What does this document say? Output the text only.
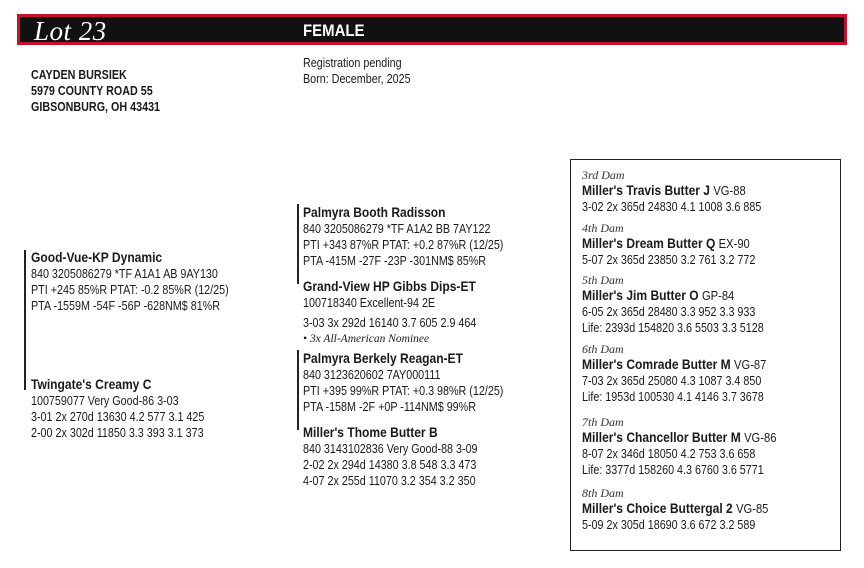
Lot 23	FEMALE
CAYDEN BURSIEK
5979 COUNTY ROAD 55
GIBSONBURG, OH 43431
Registration pending
Born: December, 2025
Good-Vue-KP Dynamic
840 3205086279 *TF A1A1 AB 9AY130
PTI +245 85%R PTAT: -0.2 85%R (12/25)
PTA -1559M -54F -56P -628NM$ 81%R
Twingate's Creamy C
100759077 Very Good-86 3-03
3-01 2x 270d 13630 4.2 577 3.1 425
2-00 2x 302d 11850 3.3 393 3.1 373
Palmyra Booth Radisson
840 3205086279 *TF A1A2 BB 7AY122
PTI +343 87%R PTAT: +0.2 87%R (12/25)
PTA -415M -27F -23P -301NM$ 85%R
Grand-View HP Gibbs Dips-ET
100718340 Excellent-94 2E
3-03 3x 292d 16140 3.7 605 2.9 464
• 3x All-American Nominee
Palmyra Berkely Reagan-ET
840 3123620602 7AY000111
PTI +395 99%R PTAT: +0.3 98%R (12/25)
PTA -158M -2F +0P -114NM$ 99%R
Miller's Thome Butter B
840 3143102836 Very Good-88 3-09
2-02 2x 294d 14380 3.8 548 3.3 473
4-07 2x 255d 11070 3.2 354 3.2 350
3rd Dam
Miller's Travis Butter J VG-88
3-02 2x 365d 24830 4.1 1008 3.6 885
4th Dam
Miller's Dream Butter Q EX-90
5-07 2x 365d 23850 3.2 761 3.2 772
5th Dam
Miller's Jim Butter O GP-84
6-05 2x 365d 28480 3.3 952 3.3 933
Life: 2393d 154820 3.6 5503 3.3 5128
6th Dam
Miller's Comrade Butter M VG-87
7-03 2x 365d 25080 4.3 1087 3.4 850
Life: 1953d 100530 4.1 4146 3.7 3678
7th Dam
Miller's Chancellor Butter M VG-86
8-07 2x 346d 18050 4.2 753 3.6 658
Life: 3377d 158260 4.3 6760 3.6 5771
8th Dam
Miller's Choice Buttergal 2 VG-85
5-09 2x 305d 18690 3.6 672 3.2 589
